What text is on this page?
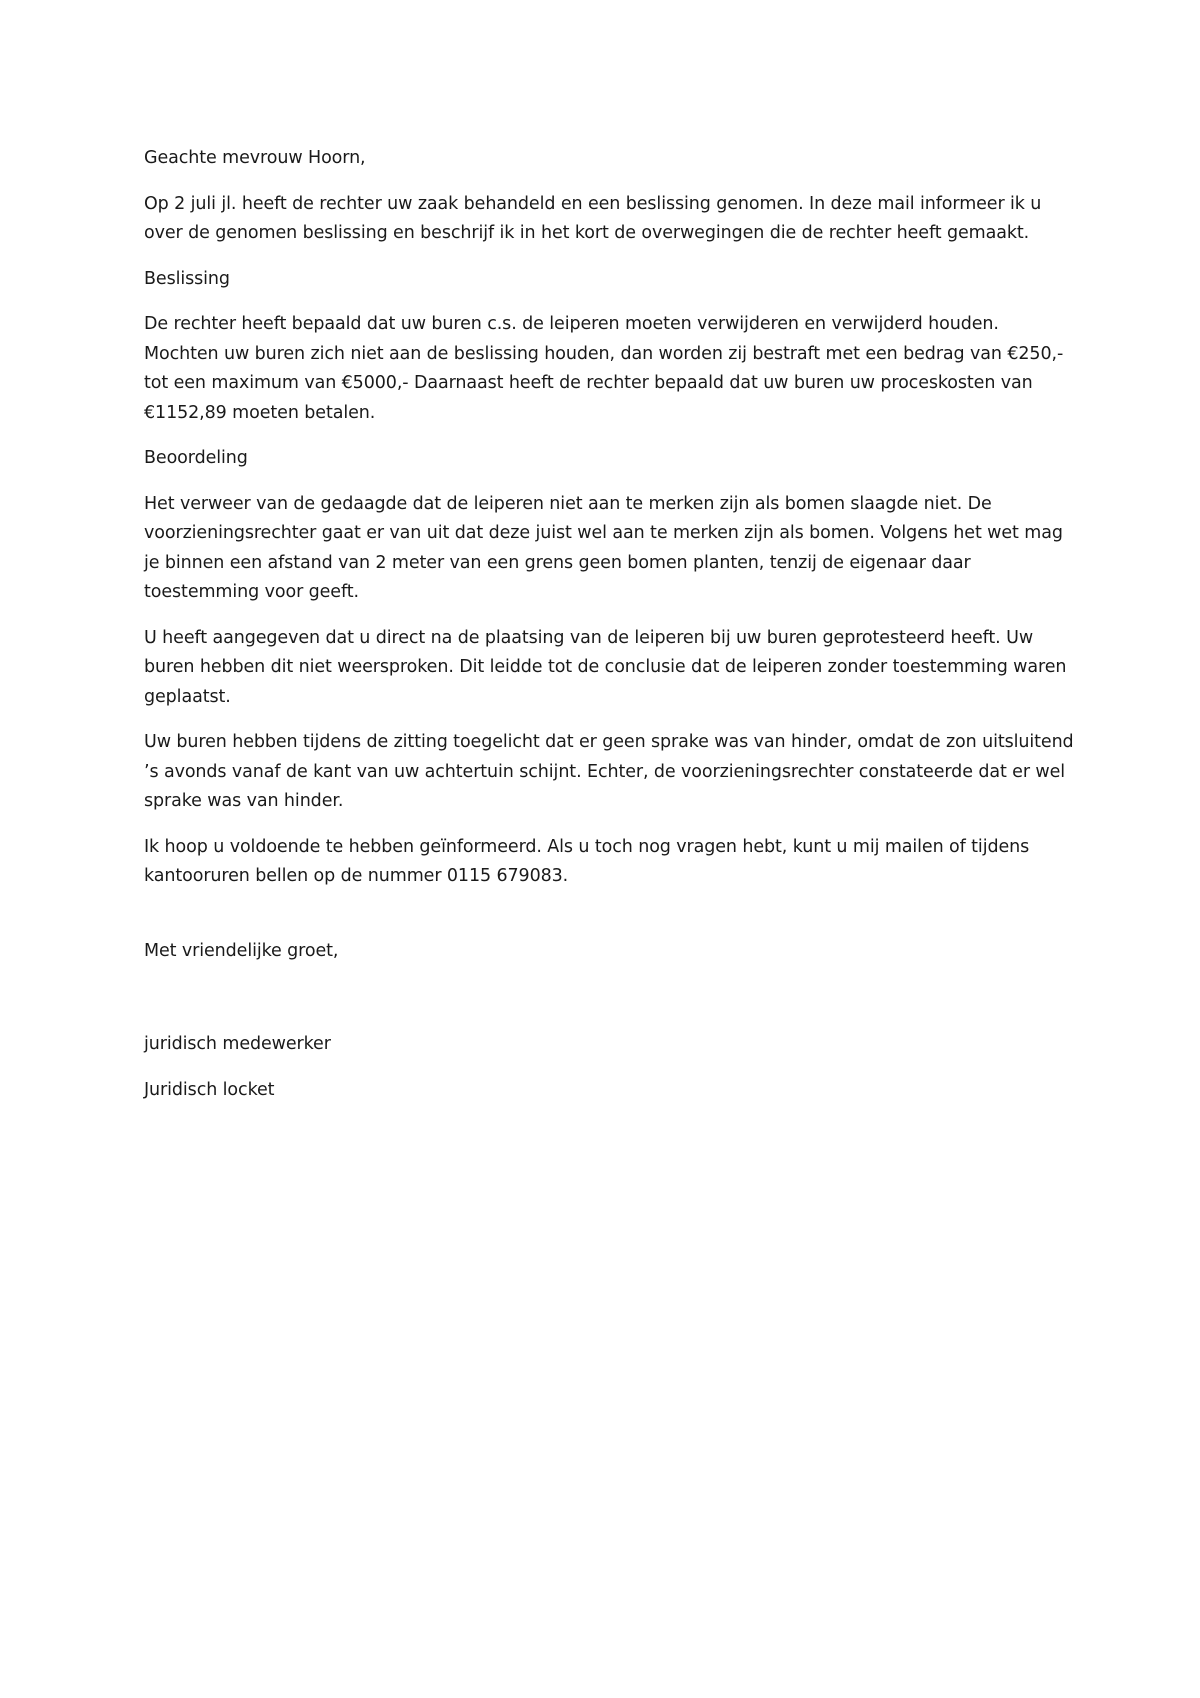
Geachte mevrouw Hoorn,

Op 2 juli jl. heeft de rechter uw zaak behandeld en een beslissing genomen. In deze mail informeer ik u over de genomen beslissing en beschrijf ik in het kort de overwegingen die de rechter heeft gemaakt.

Beslissing

De rechter heeft bepaald dat uw buren c.s. de leiperen moeten verwijderen en verwijderd houden. Mochten uw buren zich niet aan de beslissing houden, dan worden zij bestraft met een bedrag van €250,- tot een maximum van €5000,- Daarnaast heeft de rechter bepaald dat uw buren uw proceskosten van €1152,89 moeten betalen.

Beoordeling

Het verweer van de gedaagde dat de leiperen niet aan te merken zijn als bomen slaagde niet. De voorzieningsrechter gaat er van uit dat deze juist wel aan te merken zijn als bomen. Volgens het wet mag je binnen een afstand van 2 meter van een grens geen bomen planten, tenzij de eigenaar daar toestemming voor geeft.

U heeft aangegeven dat u direct na de plaatsing van de leiperen bij uw buren geprotesteerd heeft. Uw buren hebben dit niet weersproken. Dit leidde tot de conclusie dat de leiperen zonder toestemming waren geplaatst.

Uw buren hebben tijdens de zitting toegelicht dat er geen sprake was van hinder, omdat de zon uitsluitend ’s avonds vanaf de kant van uw achtertuin schijnt. Echter, de voorzieningsrechter constateerde dat er wel sprake was van hinder.

Ik hoop u voldoende te hebben geïnformeerd. Als u toch nog vragen hebt, kunt u mij mailen of tijdens kantooruren bellen op de nummer 0115 679083.

Met vriendelijke groet,

juridisch medewerker

Juridisch locket
